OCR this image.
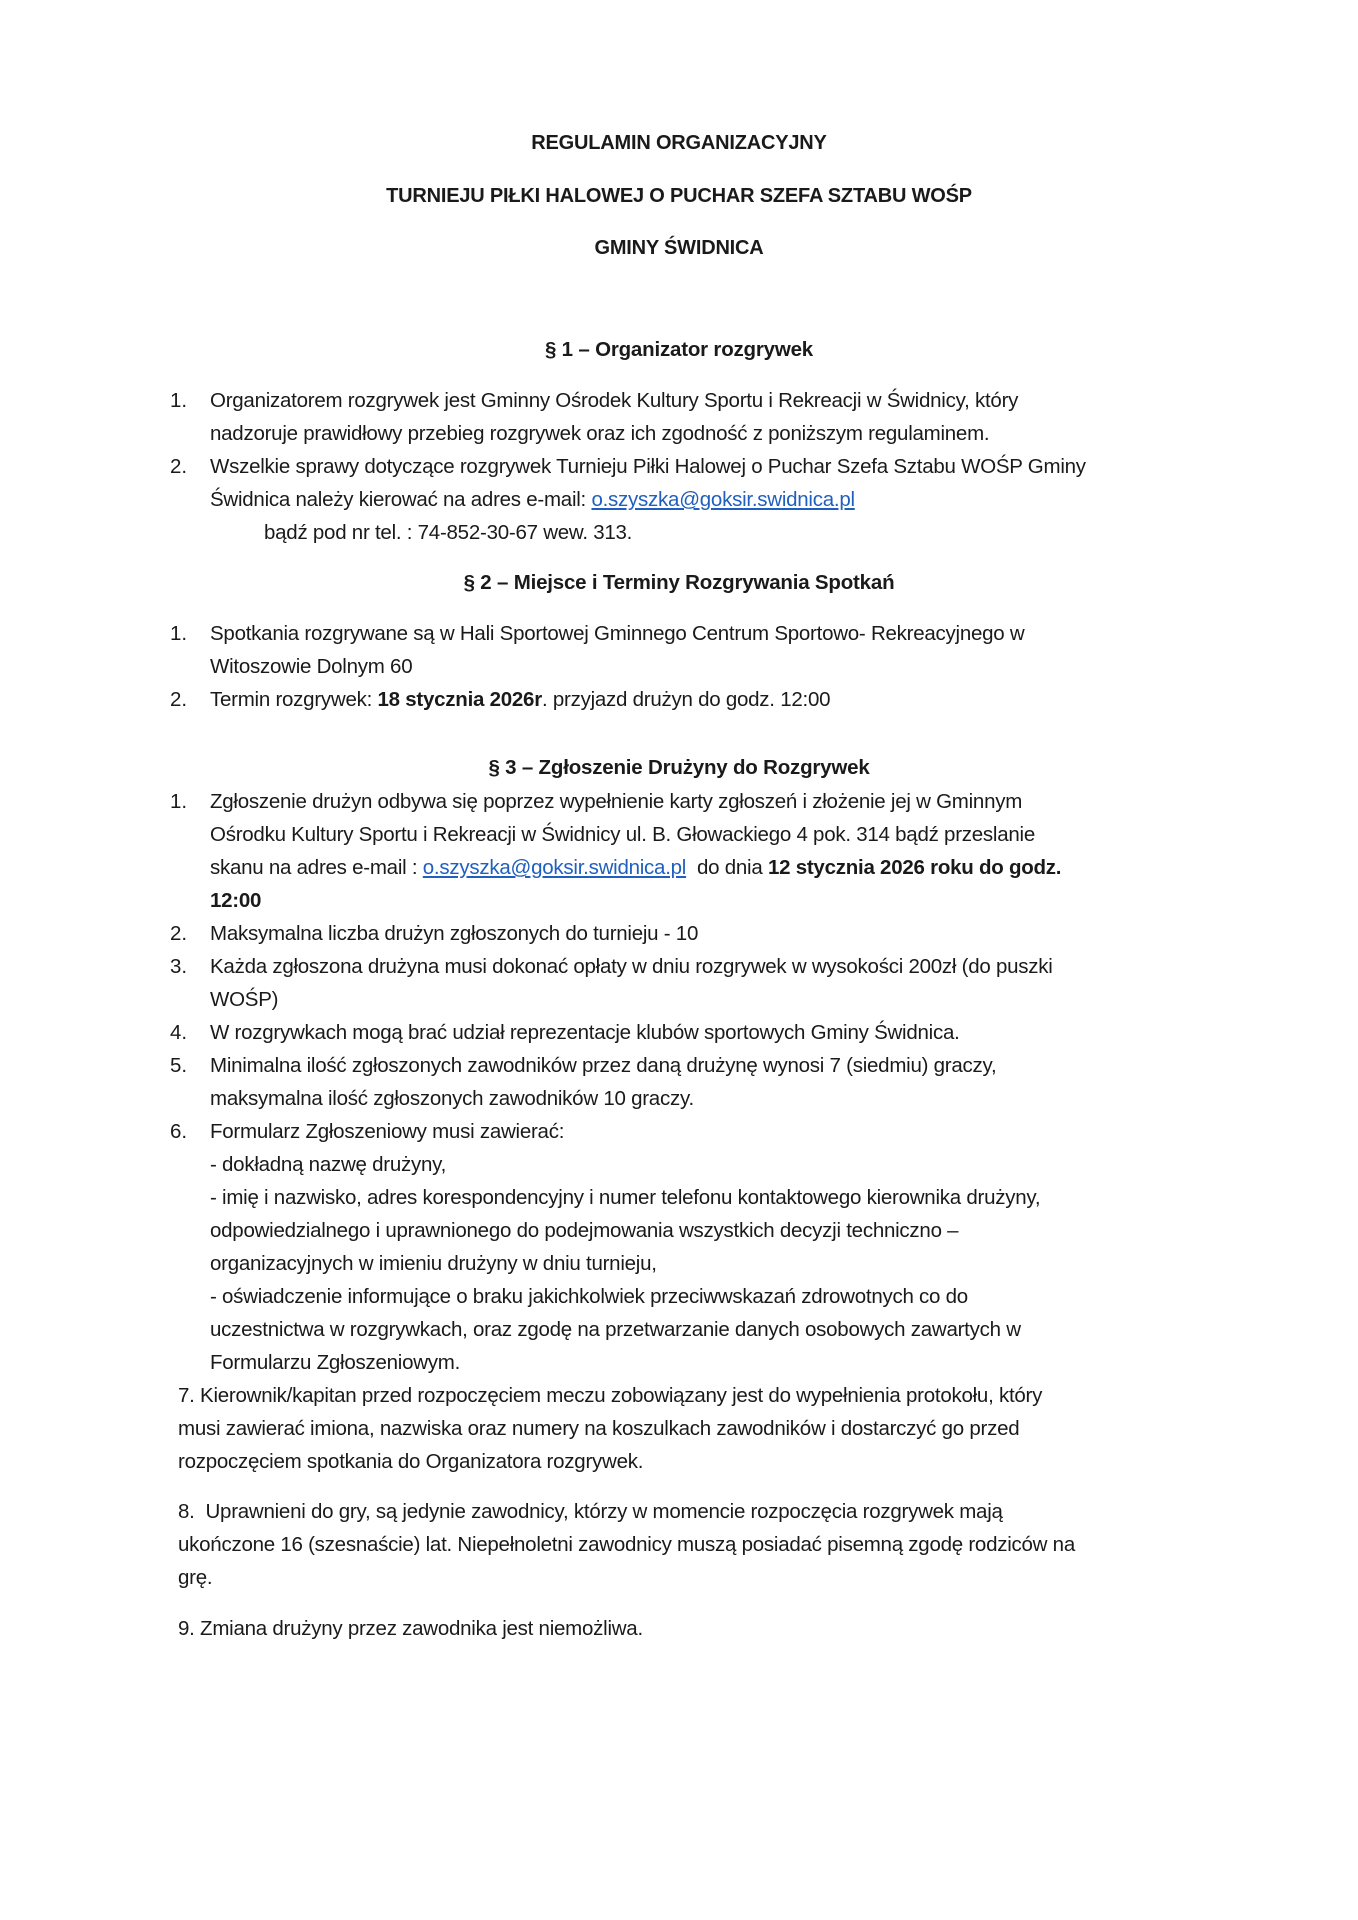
REGULAMIN ORGANIZACYJNY
TURNIEJU PIŁKI HALOWEJ O PUCHAR SZEFA SZTABU WOŚP
GMINY ŚWIDNICA
§ 1 – Organizator rozgrywek
1. Organizatorem rozgrywek jest Gminny Ośrodek Kultury Sportu i Rekreacji w Świdnicy, który
nadzoruje prawidłowy przebieg rozgrywek oraz ich zgodność z poniższym regulaminem.
2. Wszelkie sprawy dotyczące rozgrywek Turnieju Piłki Halowej o Puchar Szefa Sztabu WOŚP Gminy
Świdnica należy kierować na adres e-mail: o.szyszka@goksir.swidnica.pl
bądź pod nr tel. : 74-852-30-67 wew. 313.
§ 2 – Miejsce i Terminy Rozgrywania Spotkań
1. Spotkania rozgrywane są w Hali Sportowej Gminnego Centrum Sportowo- Rekreacyjnego w
Witoszowie Dolnym 60
2. Termin rozgrywek: 18 stycznia 2026r. przyjazd drużyn do godz. 12:00
§ 3 – Zgłoszenie Drużyny do Rozgrywek
1. Zgłoszenie drużyn odbywa się poprzez wypełnienie karty zgłoszeń i złożenie jej w Gminnym
Ośrodku Kultury Sportu i Rekreacji w Świdnicy ul. B. Głowackiego 4 pok. 314 bądź przeslanie
skanu na adres e-mail : o.szyszka@goksir.swidnica.pl  do dnia 12 stycznia 2026 roku do godz.
12:00
2. Maksymalna liczba drużyn zgłoszonych do turnieju - 10
3. Każda zgłoszona drużyna musi dokonać opłaty w dniu rozgrywek w wysokości 200zł (do puszki
WOŚP)
4. W rozgrywkach mogą brać udział reprezentacje klubów sportowych Gminy Świdnica.
5. Minimalna ilość zgłoszonych zawodników przez daną drużynę wynosi 7 (siedmiu) graczy,
maksymalna ilość zgłoszonych zawodników 10 graczy.
6. Formularz Zgłoszeniowy musi zawierać:
- dokładną nazwę drużyny,
- imię i nazwisko, adres korespondencyjny i numer telefonu kontaktowego kierownika drużyny,
odpowiedzialnego i uprawnionego do podejmowania wszystkich decyzji techniczno –
organizacyjnych w imieniu drużyny w dniu turnieju,
- oświadczenie informujące o braku jakichkolwiek przeciwwskazań zdrowotnych co do
uczestnictwa w rozgrywkach, oraz zgodę na przetwarzanie danych osobowych zawartych w
Formularzu Zgłoszeniowym.
7. Kierownik/kapitan przed rozpoczęciem meczu zobowiązany jest do wypełnienia protokołu, który
musi zawierać imiona, nazwiska oraz numery na koszulkach zawodników i dostarczyć go przed
rozpoczęciem spotkania do Organizatora rozgrywek.
8.  Uprawnieni do gry, są jedynie zawodnicy, którzy w momencie rozpoczęcia rozgrywek mają
ukończone 16 (szesnaście) lat. Niepełnoletni zawodnicy muszą posiadać pisemną zgodę rodziców na
grę.
9. Zmiana drużyny przez zawodnika jest niemożliwa.
